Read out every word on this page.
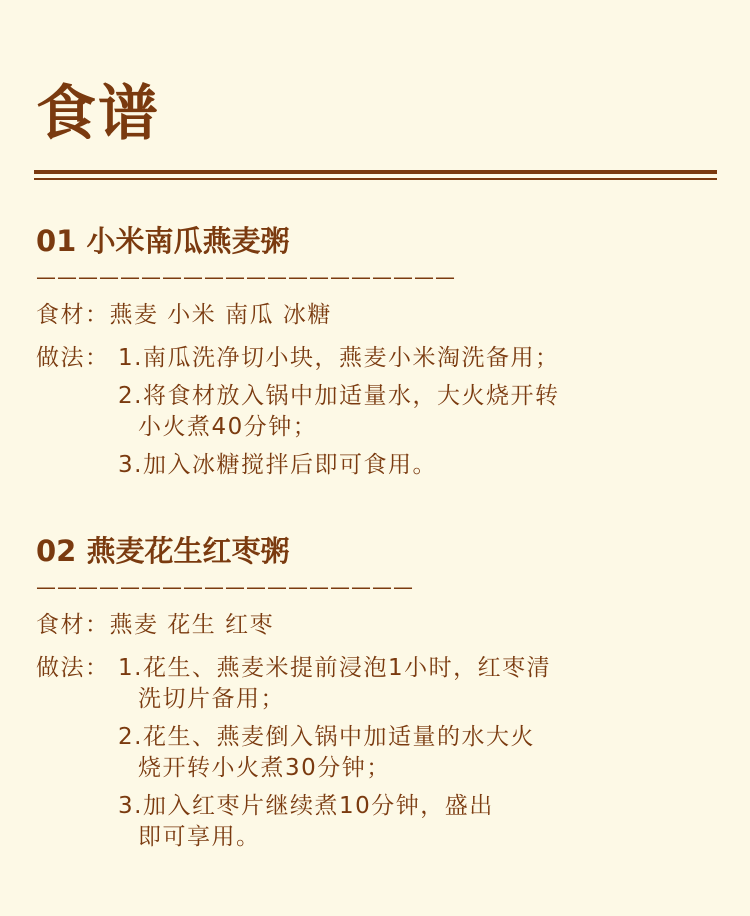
食谱
01 小米南瓜燕麦粥
————————————————————
食材：燕麦 小米 南瓜 冰糖
做法： 1.南瓜洗净切小块，燕麦小米淘洗备用；
2.将食材放入锅中加适量水，大火烧开转
小火煮40分钟；
3.加入冰糖搅拌后即可食用。
02 燕麦花生红枣粥
——————————————————
食材：燕麦 花生 红枣
做法： 1.花生、燕麦米提前浸泡1小时，红枣清
洗切片备用；
2.花生、燕麦倒入锅中加适量的水大火
烧开转小火煮30分钟；
3.加入红枣片继续煮10分钟，盛出
即可享用。
